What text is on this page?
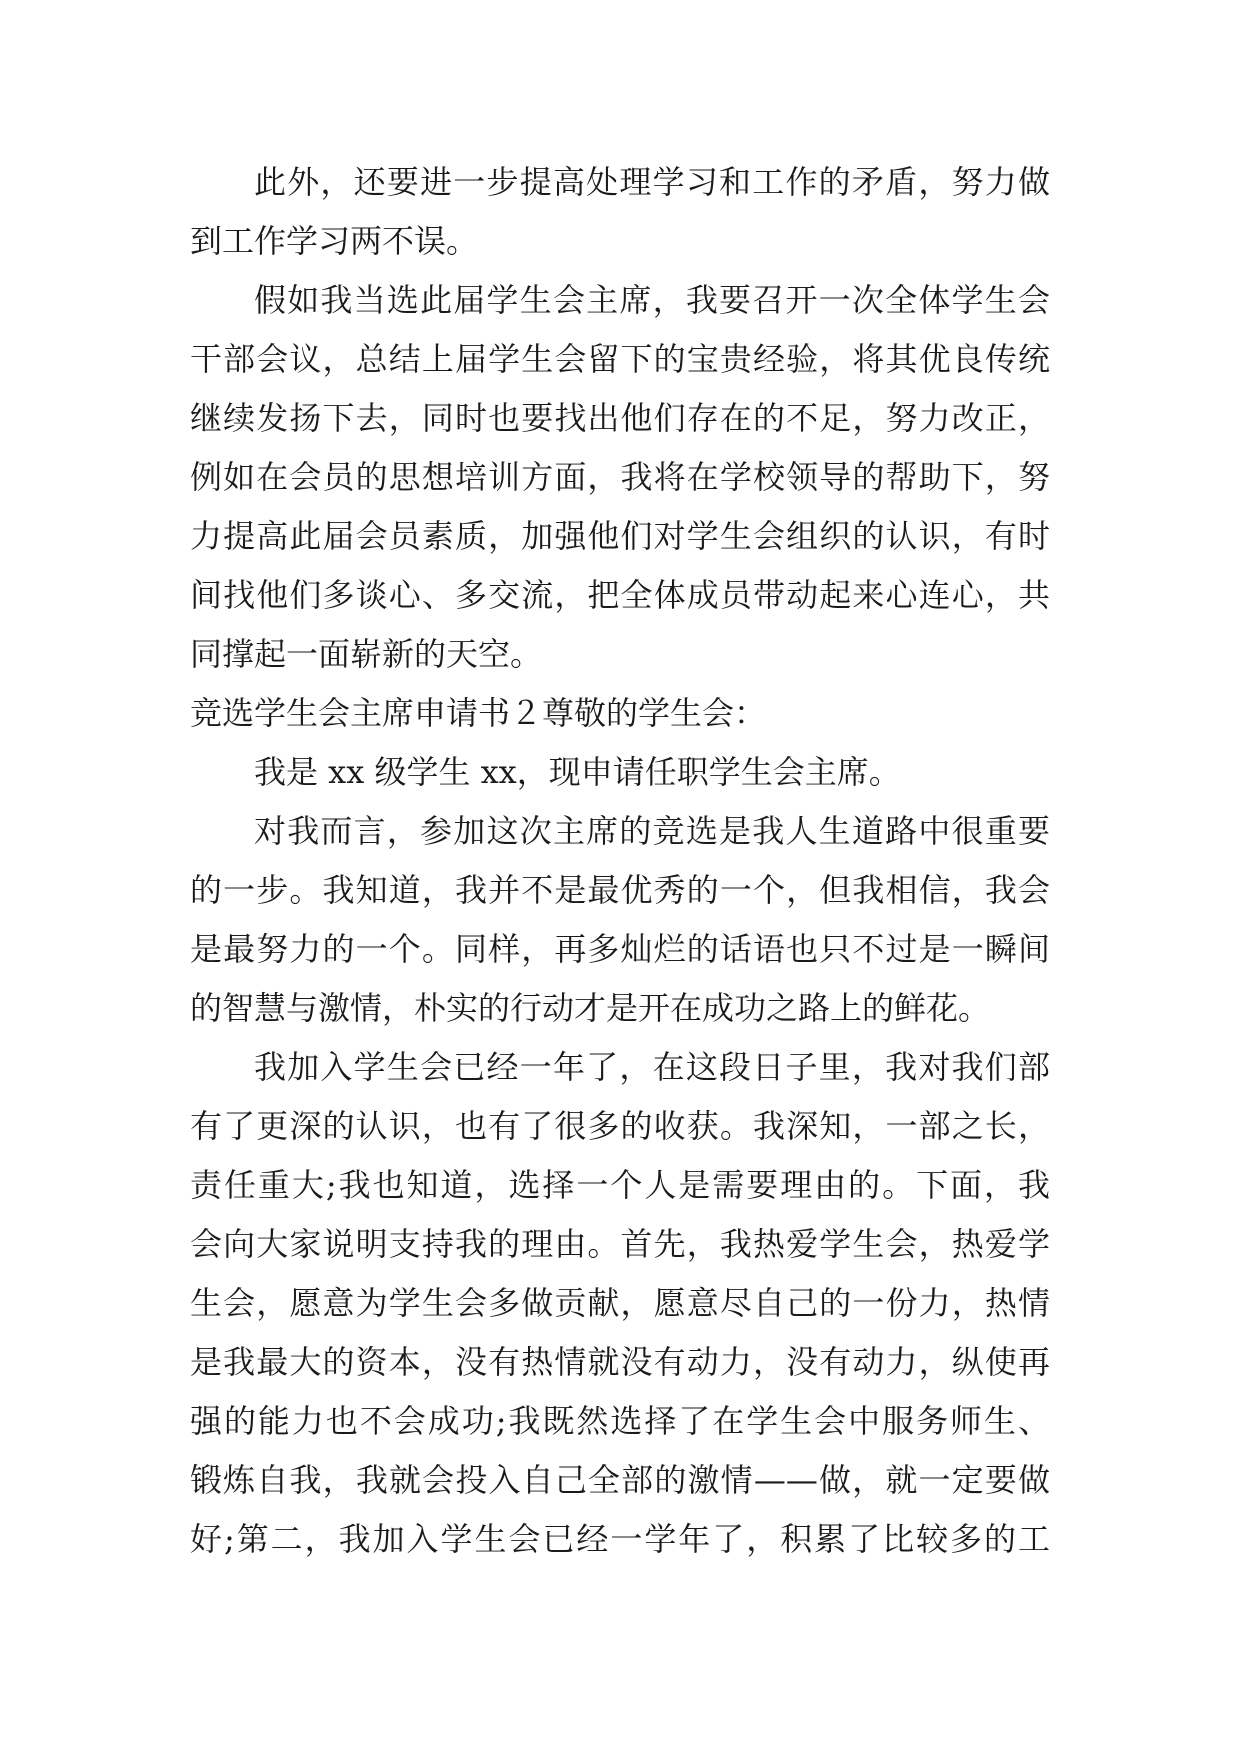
此外，还要进一步提高处理学习和工作的矛盾，努力做

到工作学习两不误。

假如我当选此届学生会主席，我要召开一次全体学生会

干部会议，总结上届学生会留下的宝贵经验，将其优良传统

继续发扬下去，同时也要找出他们存在的不足，努力改正，

例如在会员的思想培训方面，我将在学校领导的帮助下，努

力提高此届会员素质，加强他们对学生会组织的认识，有时

间找他们多谈心、多交流，把全体成员带动起来心连心，共

同撑起一面崭新的天空。

竞选学生会主席申请书２尊敬的学生会：

我是 xx 级学生 xx，现申请任职学生会主席。

对我而言，参加这次主席的竞选是我人生道路中很重要

的一步。我知道，我并不是最优秀的一个，但我相信，我会

是最努力的一个。同样，再多灿烂的话语也只不过是一瞬间

的智慧与激情，朴实的行动才是开在成功之路上的鲜花。

我加入学生会已经一年了，在这段日子里，我对我们部

有了更深的认识，也有了很多的收获。我深知，一部之长，

责任重大;我也知道，选择一个人是需要理由的。下面，我

会向大家说明支持我的理由。首先，我热爱学生会，热爱学

生会，愿意为学生会多做贡献，愿意尽自己的一份力，热情

是我最大的资本，没有热情就没有动力，没有动力，纵使再

强的能力也不会成功;我既然选择了在学生会中服务师生、

锻炼自我，我就会投入自己全部的激情——做，就一定要做

好;第二，我加入学生会已经一学年了，积累了比较多的工
